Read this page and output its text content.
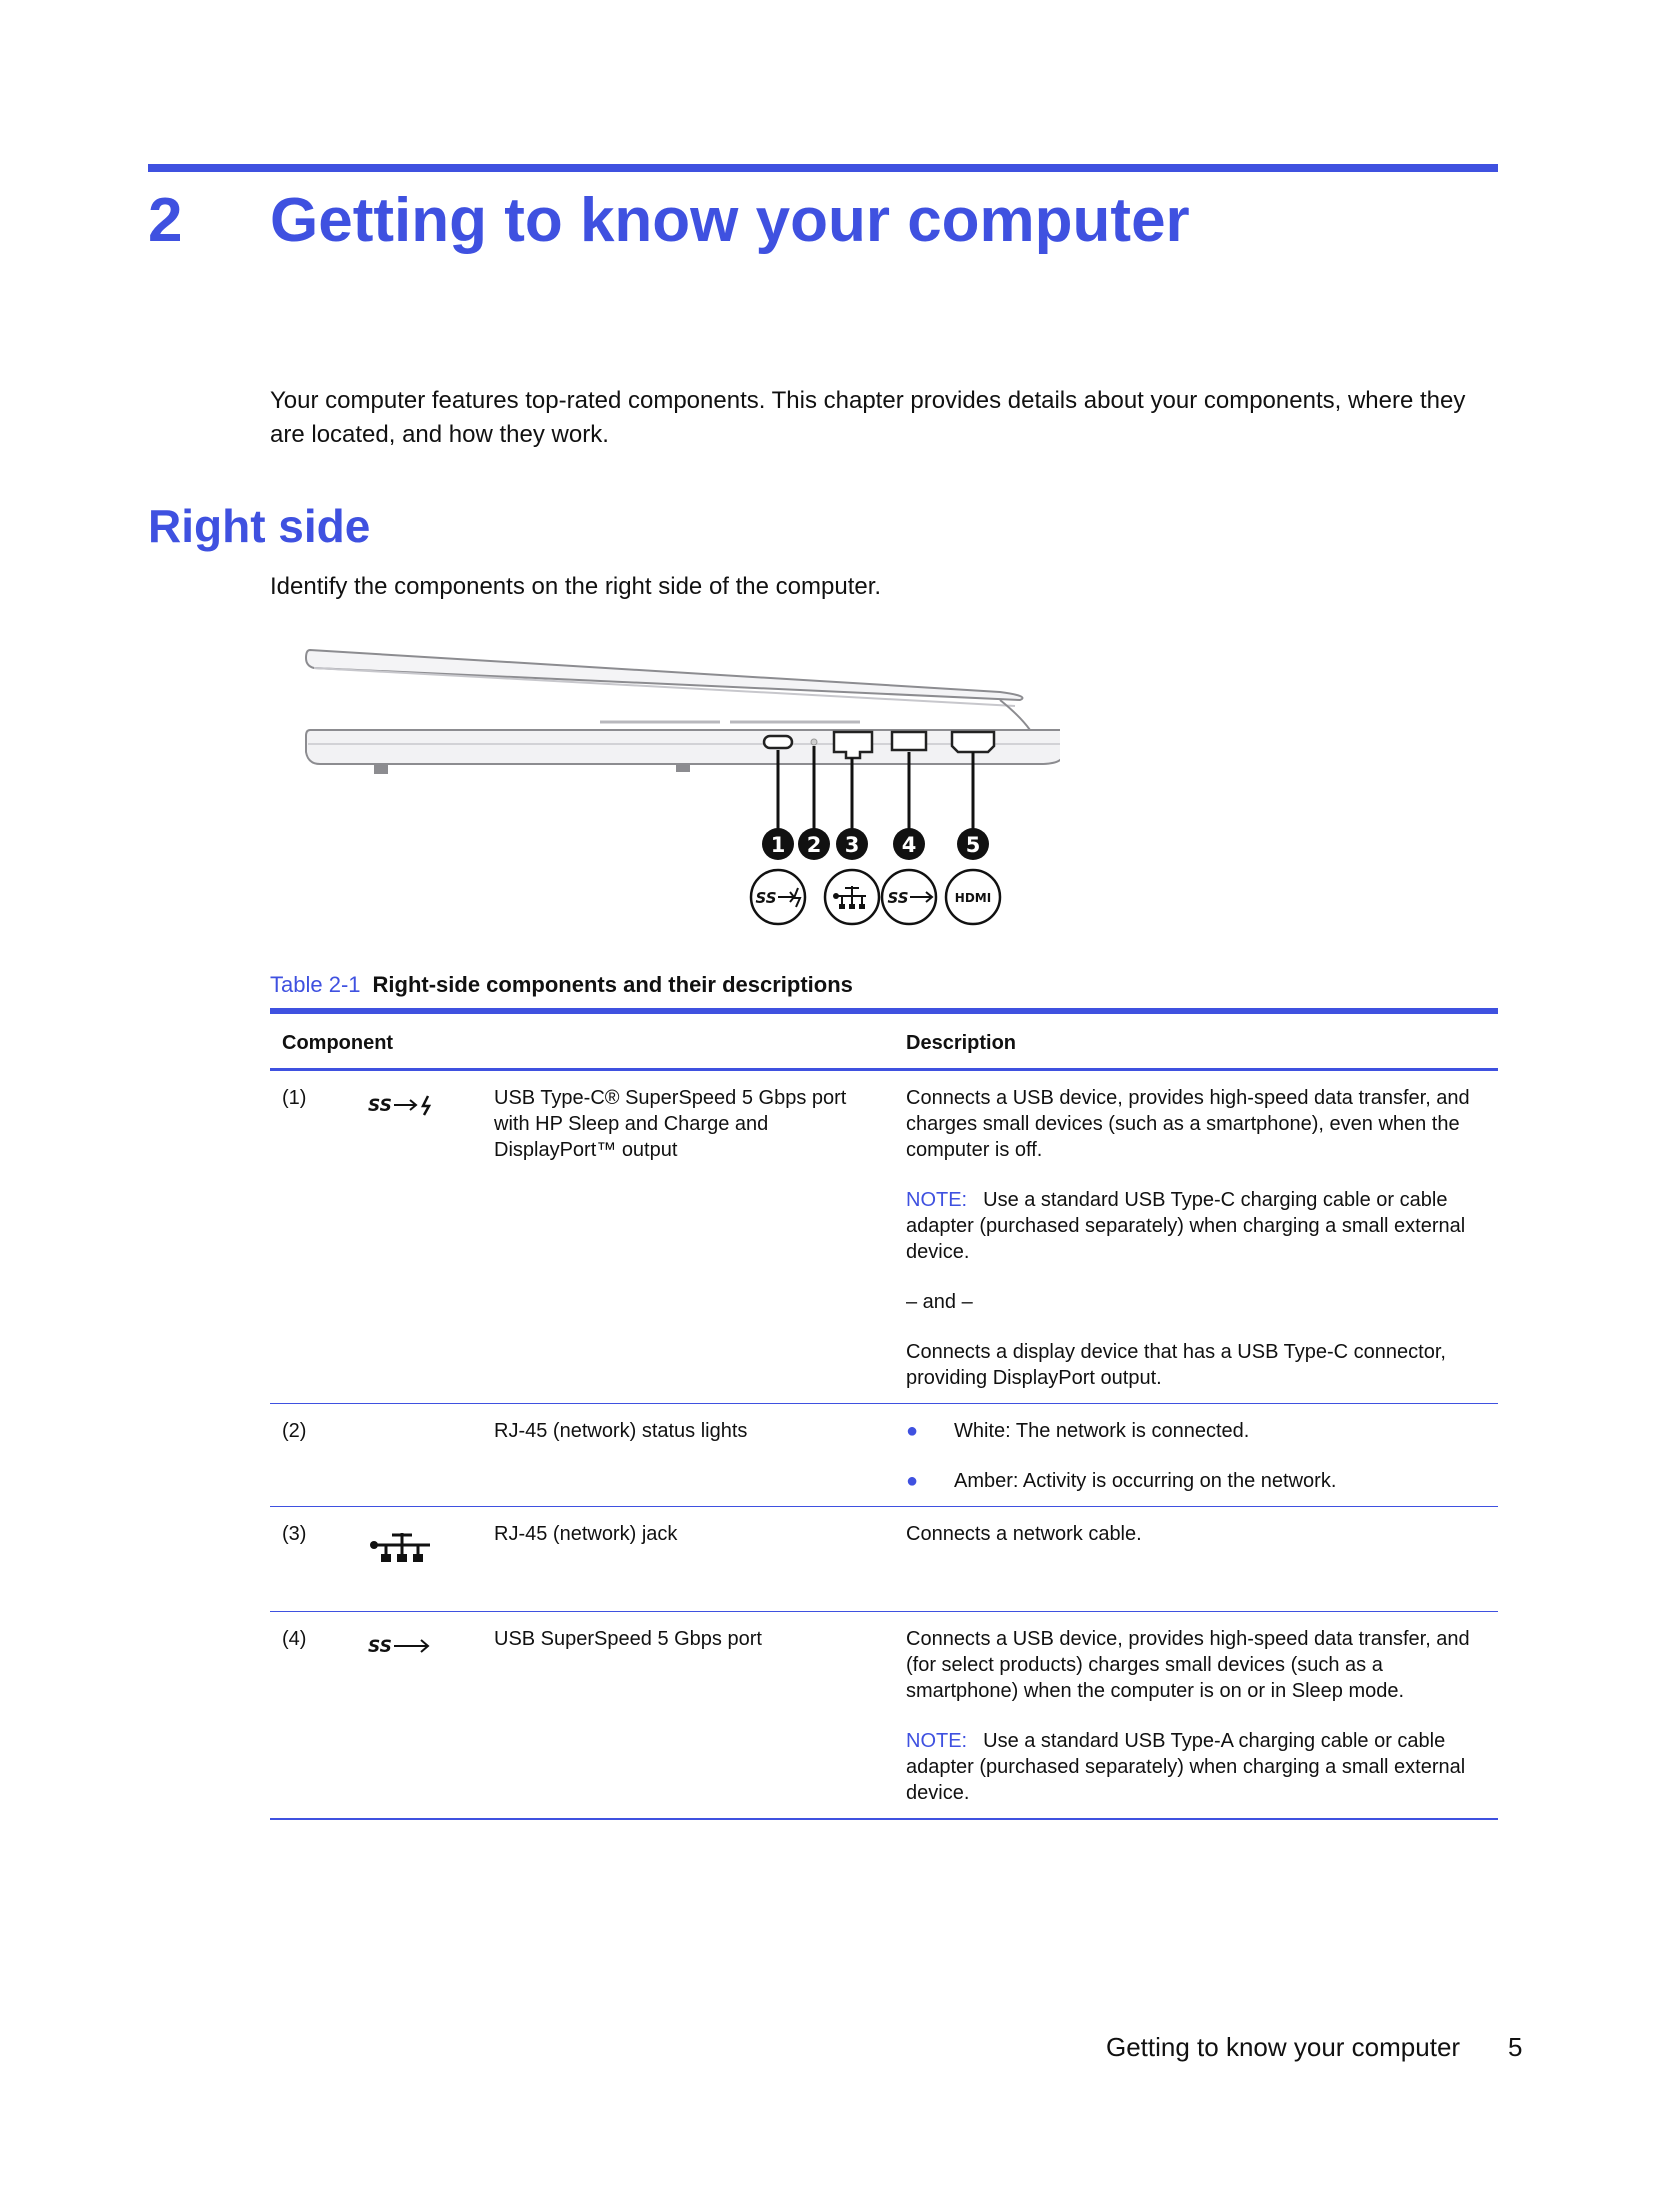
2 Getting to know your computer

Your computer features top-rated components. This chapter provides details about your components, where they are located, and how they work.

Right side
Identify the components on the right side of the computer.
1 2 3 4 5
SS	SS	HDMI
Table 2-1 Right-side components and their descriptions
Component			Description
(1)	SS	USB Type-C® SuperSpeed 5 Gbps port with HP Sleep and Charge and DisplayPort™ output	Connects a USB device, provides high-speed data transfer, and charges small devices (such as a smartphone), even when the computer is off.

NOTE: Use a standard USB Type-C charging cable or cable adapter (purchased separately) when charging a small external device.

– and –

Connects a display device that has a USB Type-C connector, providing DisplayPort output.

(2)		RJ-45 (network) status lights	● White: The network is connected.
● Amber: Activity is occurring on the network.

(3)		RJ-45 (network) jack	Connects a network cable.

(4)	SS	USB SuperSpeed 5 Gbps port	Connects a USB device, provides high-speed data transfer, and (for select products) charges small devices (such as a smartphone) when the computer is on or in Sleep mode.

NOTE: Use a standard USB Type-A charging cable or cable adapter (purchased separately) when charging a small external device.

Getting to know your computer 5
